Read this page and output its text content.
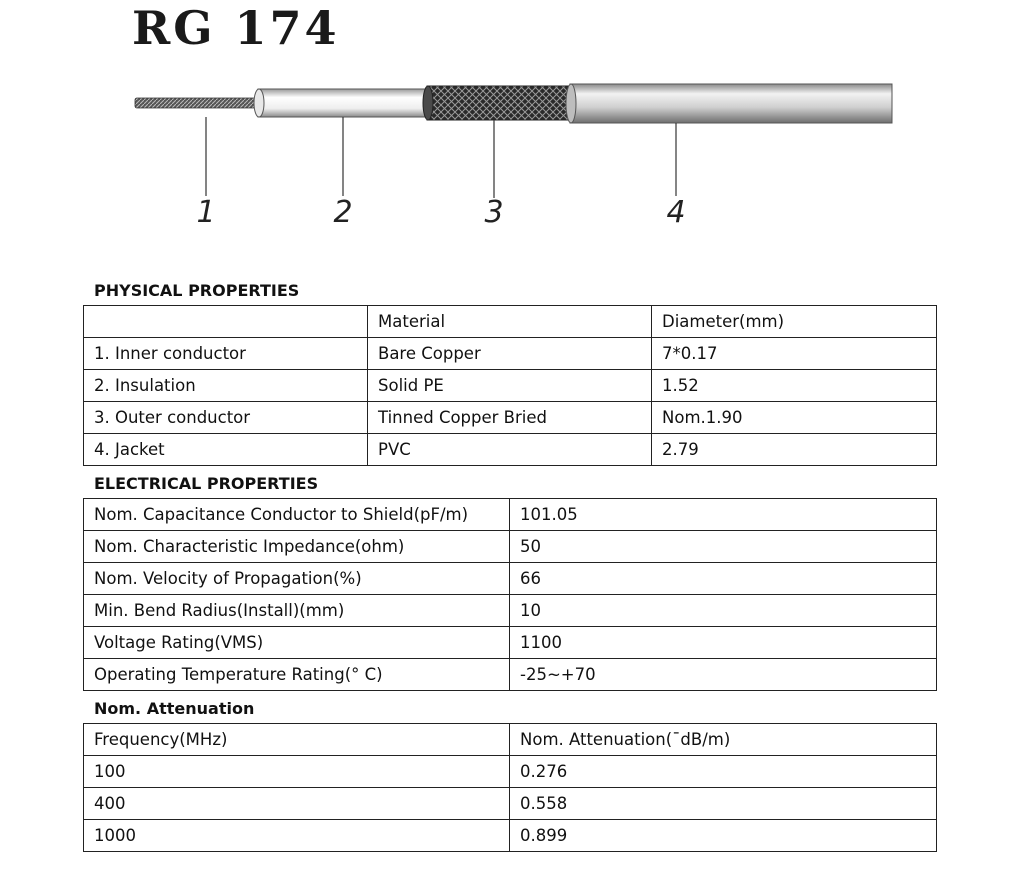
RG 174
1	2	3	4
PHYSICAL PROPERTIES
	Material	Diameter(mm)
1. Inner conductor	Bare Copper	7*0.17
2. Insulation	Solid PE	1.52
3. Outer conductor	Tinned Copper Bried	Nom.1.90
4. Jacket	PVC	2.79
ELECTRICAL PROPERTIES
Nom. Capacitance Conductor to Shield(pF/m)	101.05
Nom. Characteristic Impedance(ohm)	50
Nom. Velocity of Propagation(%)	66
Min. Bend Radius(Install)(mm)	10
Voltage Rating(VMS)	1100
Operating Temperature Rating(° C)	-25~+70
Nom. Attenuation
Frequency(MHz)	Nom. Attenuation(¯dB/m)
100	0.276
400	0.558
1000	0.899
